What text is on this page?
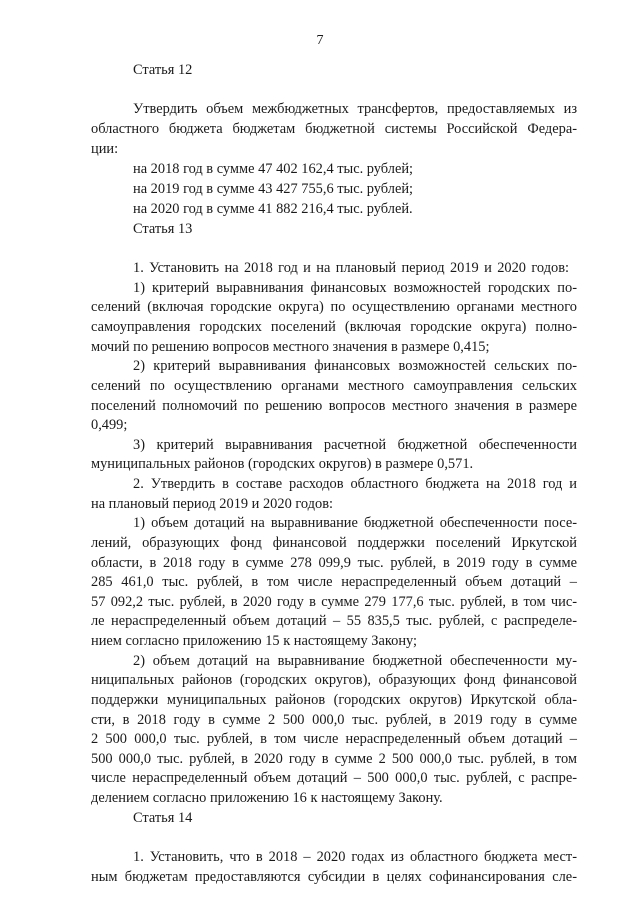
7
Статья 12
Утвердить объем межбюджетных трансфертов, предоставляемых из
областного бюджета бюджетам бюджетной системы Российской Федера-
ции:
на 2018 год в сумме 47 402 162,4 тыс. рублей;
на 2019 год в сумме 43 427 755,6 тыс. рублей;
на 2020 год в сумме 41 882 216,4 тыс. рублей.
Статья 13
1. Установить на 2018 год и на плановый период 2019 и 2020 годов:
1) критерий выравнивания финансовых возможностей городских по-
селений (включая городские округа) по осуществлению органами местного
самоуправления городских поселений (включая городские округа) полно-
мочий по решению вопросов местного значения в размере 0,415;
2) критерий выравнивания финансовых возможностей сельских по-
селений по осуществлению органами местного самоуправления сельских
поселений полномочий по решению вопросов местного значения в размере
0,499;
3) критерий выравнивания расчетной бюджетной обеспеченности
муниципальных районов (городских округов) в размере 0,571.
2. Утвердить в составе расходов областного бюджета на 2018 год и
на плановый период 2019 и 2020 годов:
1) объем дотаций на выравнивание бюджетной обеспеченности посе-
лений, образующих фонд финансовой поддержки поселений Иркутской
области, в 2018 году в сумме 278 099,9 тыс. рублей, в 2019 году в сумме
285 461,0 тыс. рублей, в том числе нераспределенный объем дотаций –
57 092,2 тыс. рублей, в 2020 году в сумме 279 177,6 тыс. рублей, в том чис-
ле нераспределенный объем дотаций – 55 835,5 тыс. рублей, с распределе-
нием согласно приложению 15 к настоящему Закону;
2) объем дотаций на выравнивание бюджетной обеспеченности му-
ниципальных районов (городских округов), образующих фонд финансовой
поддержки муниципальных районов (городских округов) Иркутской обла-
сти, в 2018 году в сумме 2 500 000,0 тыс. рублей, в 2019 году в сумме
2 500 000,0 тыс. рублей, в том числе нераспределенный объем дотаций –
500 000,0 тыс. рублей, в 2020 году в сумме 2 500 000,0 тыс. рублей, в том
числе нераспределенный объем дотаций – 500 000,0 тыс. рублей, с распре-
делением согласно приложению 16 к настоящему Закону.
Статья 14
1. Установить, что в 2018 – 2020 годах из областного бюджета мест-
ным бюджетам предоставляются субсидии в целях софинансирования сле-
